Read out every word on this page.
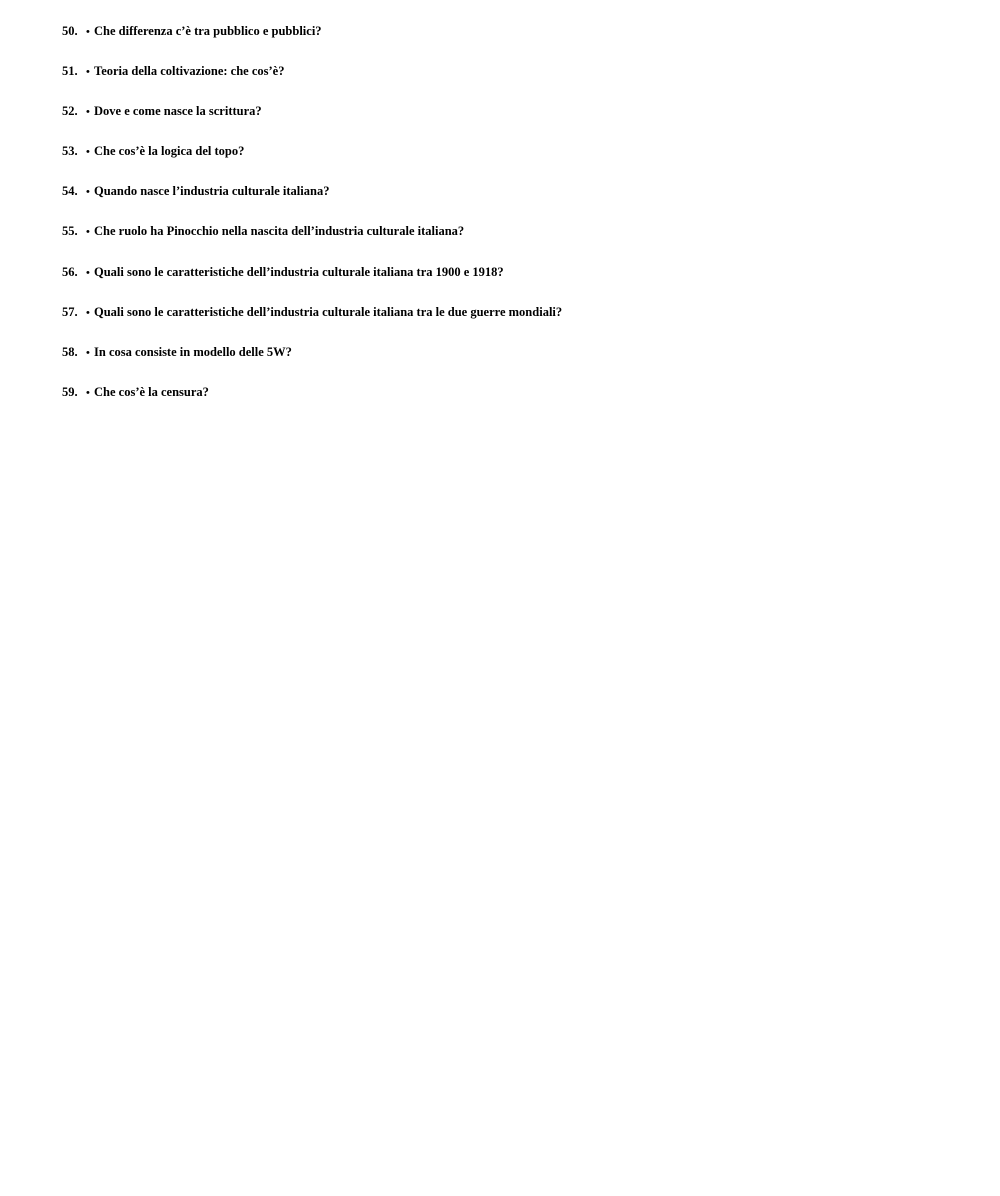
50. • Che differenza c’è tra pubblico e pubblici?
51. • Teoria della coltivazione: che cos’è?
52. • Dove e come nasce la scrittura?
53. • Che cos’è la logica del topo?
54. • Quando nasce l’industria culturale italiana?
55. • Che ruolo ha Pinocchio nella nascita dell’industria culturale italiana?
56. • Quali sono le caratteristiche dell’industria culturale italiana tra 1900 e 1918?
57. • Quali sono le caratteristiche dell’industria culturale italiana tra le due guerre mondiali?
58. • In cosa consiste in modello delle 5W?
59. • Che cos’è la censura?
